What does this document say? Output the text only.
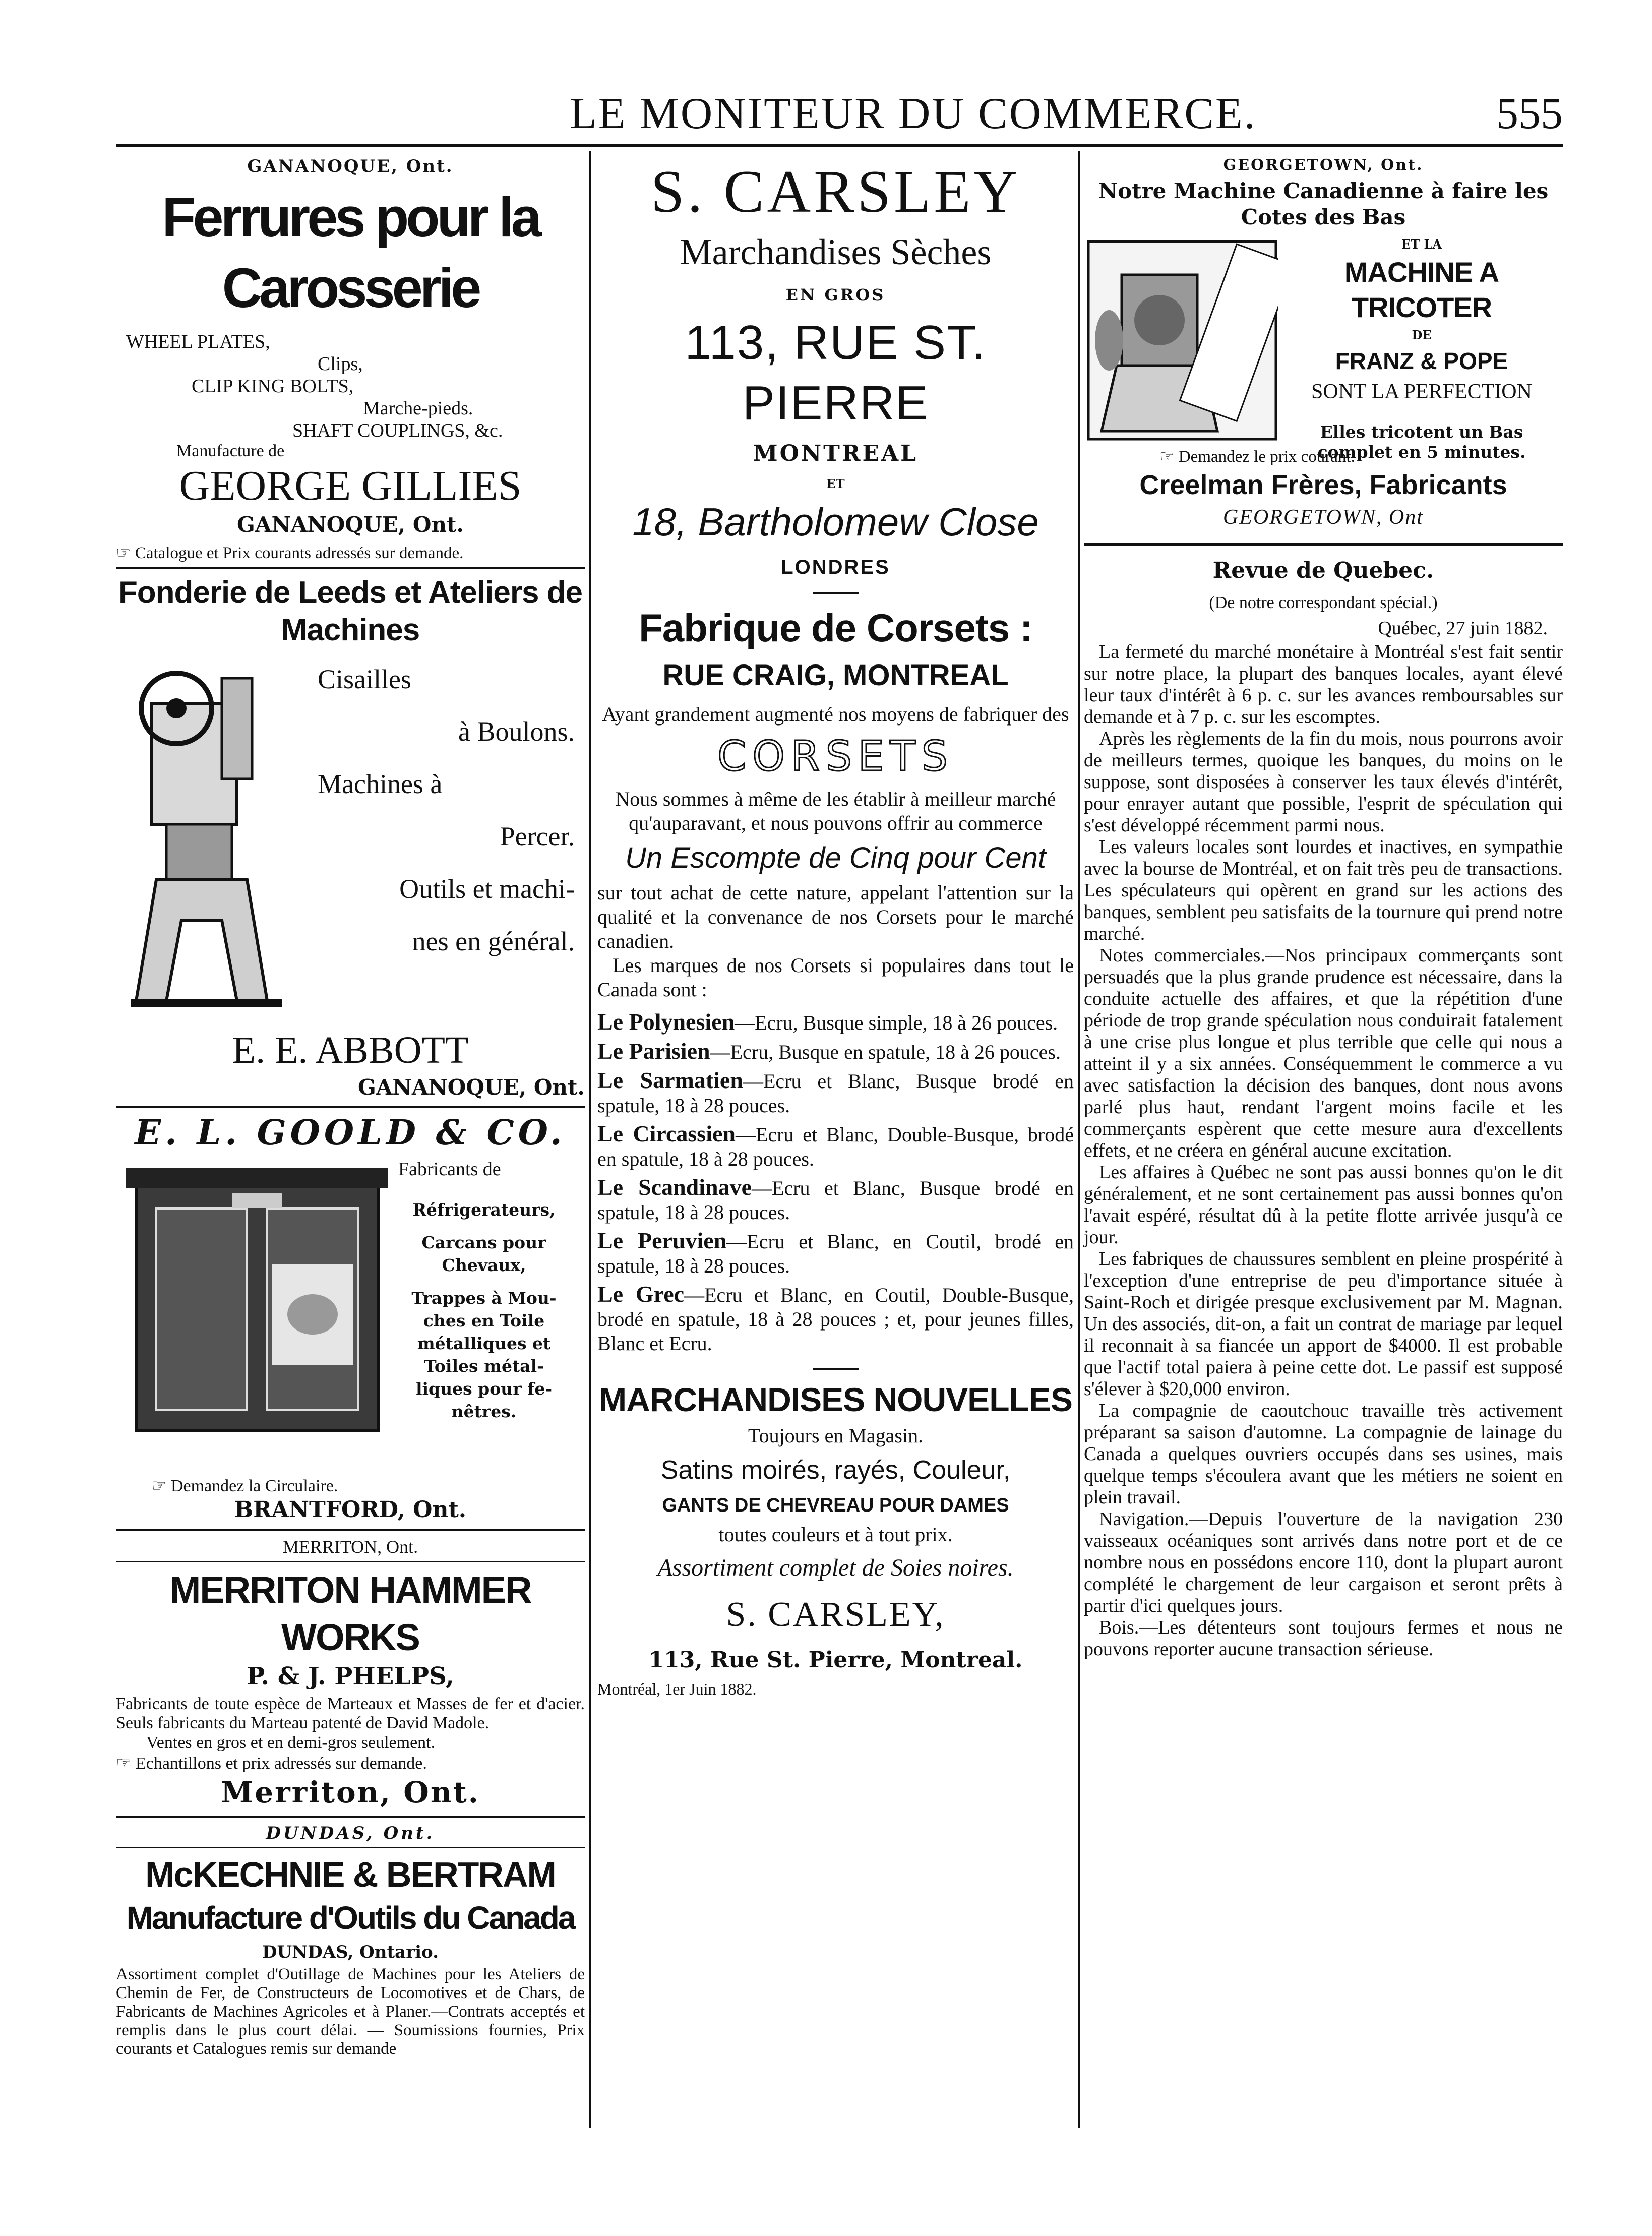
LE MONITEUR DU COMMERCE.	555
GANANOQUE, Ont.
Ferrures pour la Carosserie
WHEEL PLATES,
Clips,
CLIP KING BOLTS,
Marche-pieds.
SHAFT COUPLINGS, &c.
Manufacture de
GEORGE GILLIES
GANANOQUE, Ont.
☞ Catalogue et Prix courants adressés sur demande.
Fonderie de Leeds et Ateliers de Machines
Cisailles
à Boulons.
Machines à
Percer.
Outils et machi-
nes en général.
E. E. ABBOTT
GANANOQUE, Ont.
E. L. GOOLD & CO.
Fabricants de
Réfrigerateurs,
Carcans pour
Chevaux,
Trappes à Mou-
ches en Toile
métalliques et
Toiles métal-
liques pour fe-
nêtres.
☞ Demandez la Circulaire.
BRANTFORD, Ont.
MERRITON, Ont.
MERRITON HAMMER WORKS
P. & J. PHELPS,
Fabricants de toute espèce de Marteaux et Masses de fer et d'acier. Seuls fabricants du Marteau patenté de David Madole.
Ventes en gros et en demi-gros seulement.
☞ Echantillons et prix adressés sur demande.
Merriton, Ont.
DUNDAS, Ont.
McKECHNIE & BERTRAM
Manufacture d'Outils du Canada
DUNDAS, Ontario.
Assortiment complet d'Outillage de Machines pour les Ateliers de Chemin de Fer, de Constructeurs de Locomotives et de Chars, de Fabricants de Machines Agricoles et à Planer.—Contrats acceptés et remplis dans le plus court délai. — Soumissions fournies, Prix courants et Catalogues remis sur demande
S. CARSLEY
Marchandises Sèches
EN GROS
113, RUE ST. PIERRE
MONTREAL
ET
18, Bartholomew Close
LONDRES
Fabrique de Corsets :
RUE CRAIG, MONTREAL
Ayant grandement augmenté nos moyens de fabriquer des
CORSETS
Nous sommes à même de les établir à meilleur marché qu'auparavant, et nous pouvons offrir au commerce
Un Escompte de Cinq pour Cent
sur tout achat de cette nature, appelant l'attention sur la qualité et la convenance de nos Corsets pour le marché canadien.
Les marques de nos Corsets si populaires dans tout le Canada sont :
Le Polynesien—Ecru, Busque simple, 18 à 26 pouces.
Le Parisien—Ecru, Busque en spatule, 18 à 26 pouces.
Le Sarmatien—Ecru et Blanc, Busque brodé en spatule, 18 à 28 pouces.
Le Circassien—Ecru et Blanc, Double-Busque, brodé en spatule, 18 à 28 pouces.
Le Scandinave—Ecru et Blanc, Busque brodé en spatule, 18 à 28 pouces.
Le Peruvien—Ecru et Blanc, en Coutil, brodé en spatule, 18 à 28 pouces.
Le Grec—Ecru et Blanc, en Coutil, Double-Busque, brodé en spatule, 18 à 28 pouces ; et, pour jeunes filles, Blanc et Ecru.
MARCHANDISES NOUVELLES
Toujours en Magasin.
Satins moirés, rayés, Couleur,
GANTS DE CHEVREAU POUR DAMES
toutes couleurs et à tout prix.
Assortiment complet de Soies noires.
S. CARSLEY,
113, Rue St. Pierre, Montreal.
Montréal, 1er Juin 1882.
GEORGETOWN, Ont.
Notre Machine Canadienne à faire les Cotes des Bas
ET LA
MACHINE A TRICOTER
DE
FRANZ & POPE
SONT LA PERFECTION
Elles tricotent un Bas complet en 5 minutes.
☞ Demandez le prix courant.
Creelman Frères, Fabricants
GEORGETOWN, Ont
Revue de Quebec.
(De notre correspondant spécial.)
Québec, 27 juin 1882.
La fermeté du marché monétaire à Montréal s'est fait sentir sur notre place, la plupart des banques locales, ayant élevé leur taux d'intérêt à 6 p. c. sur les avances remboursables sur demande et à 7 p. c. sur les escomptes.
Après les règlements de la fin du mois, nous pourrons avoir de meilleurs termes, quoique les banques, du moins on le suppose, sont disposées à conserver les taux élevés d'intérêt, pour enrayer autant que possible, l'esprit de spéculation qui s'est développé récemment parmi nous.
Les valeurs locales sont lourdes et inactives, en sympathie avec la bourse de Montréal, et on fait très peu de transactions. Les spéculateurs qui opèrent en grand sur les actions des banques, semblent peu satisfaits de la tournure qui prend notre marché.
Notes commerciales.—Nos principaux commerçants sont persuadés que la plus grande prudence est nécessaire, dans la conduite actuelle des affaires, et que la répétition d'une période de trop grande spéculation nous conduirait fatalement à une crise plus longue et plus terrible que celle qui nous a atteint il y a six années. Conséquemment le commerce a vu avec satisfaction la décision des banques, dont nous avons parlé plus haut, rendant l'argent moins facile et les commerçants espèrent que cette mesure aura d'excellents effets, et ne créera en général aucune excitation.
Les affaires à Québec ne sont pas aussi bonnes qu'on le dit généralement, et ne sont certainement pas aussi bonnes qu'on l'avait espéré, résultat dû à la petite flotte arrivée jusqu'à ce jour.
Les fabriques de chaussures semblent en pleine prospérité à l'exception d'une entreprise de peu d'importance située à Saint-Roch et dirigée presque exclusivement par M. Magnan. Un des associés, dit-on, a fait un contrat de mariage par lequel il reconnait à sa fiancée un apport de $4000. Il est probable que l'actif total paiera à peine cette dot. Le passif est supposé s'élever à $20,000 environ.
La compagnie de caoutchouc travaille très activement préparant sa saison d'automne. La compagnie de lainage du Canada a quelques ouvriers occupés dans ses usines, mais quelque temps s'écoulera avant que les métiers ne soient en plein travail.
Navigation.—Depuis l'ouverture de la navigation 230 vaisseaux océaniques sont arrivés dans notre port et de ce nombre nous en possédons encore 110, dont la plupart auront complété le chargement de leur cargaison et seront prêts à partir d'ici quelques jours.
Bois.—Les détenteurs sont toujours fermes et nous ne pouvons reporter aucune transaction sérieuse.
